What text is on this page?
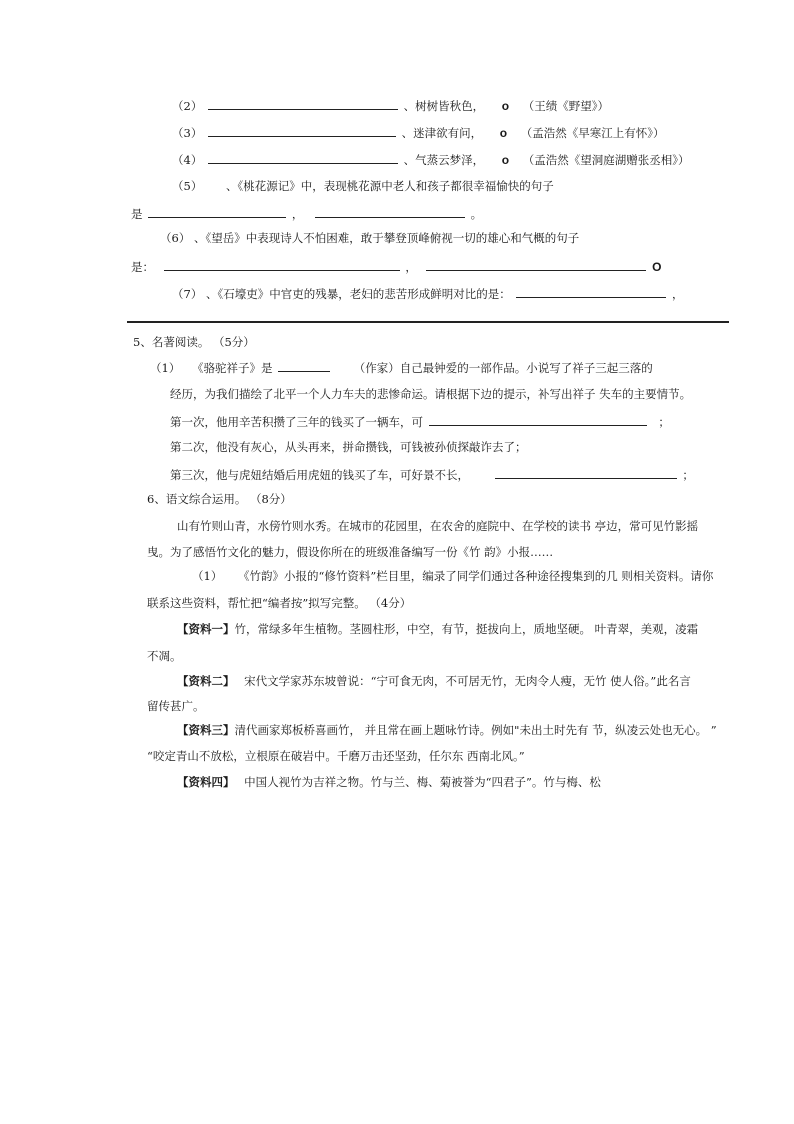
（2）	、树树皆秋色， o （王绩《野望》）
（3）	、迷津欲有问， o （孟浩然《早寒江上有怀》）
（4）	、气蒸云梦泽， o （孟浩然《望洞庭湖赠张丞相》）
（5） 、《桃花源记》中，表现桃花源中老人和孩子都很幸福愉快的句子
是	，	。
（6） 、《望岳》中表现诗人不怕困难，敢于攀登顶峰俯视一切的雄心和气概的句子
是：	，	O
（7） 、《石壕吏》中官吏的残暴，老妇的悲苦形成鲜明对比的是：	，
5、名著阅读。 （5分）
（1） 《骆驼祥子》是	（作家）自己最钟爱的一部作品。小说写了祥子三起三落的
经历，为我们描绘了北平一个人力车夫的悲惨命运。请根据下边的提示，补写出祥子 失车的主要情节。
第一次，他用辛苦积攒了三年的钱买了一辆车，可	；
第二次，他没有灰心，从头再来，拼命攒钱，可钱被孙侦探敲诈去了；
第三次，他与虎妞结婚后用虎妞的钱买了车，可好景不长，	；
6、语文综合运用。 （8分）
山有竹则山青，水傍竹则水秀。在城市的花园里，在农舍的庭院中、在学校的读书 亭边，常可见竹影摇
曳。为了感悟竹文化的魅力，假设你所在的班级准备编写一份《竹 韵》小报……
（1） 《竹韵》小报的“修竹资料”栏目里，编录了同学们通过各种途径搜集到的几 则相关资料。请你
联系这些资料，帮忙把“编者按”拟写完整。 （4分）
【资料一】竹，常绿多年生植物。茎圆柱形，中空，有节，挺拔向上，质地坚硬。 叶青翠，美观，凌霜
不凋。
【资料二】 宋代文学家苏东坡曾说：“宁可食无肉，不可居无竹，无肉令人瘦，无竹 使人俗。”此名言
留传甚广。
【资料三】清代画家郑板桥喜画竹， 并且常在画上题咏竹诗。例如"未出土时先有 节，纵凌云处也无心。 ”
“咬定青山不放松，立根原在破岩中。千磨万击还坚劲，任尔东 西南北风。”
【资料四】 中国人视竹为吉祥之物。竹与兰、梅、菊被誉为“四君子”。竹与梅、松
